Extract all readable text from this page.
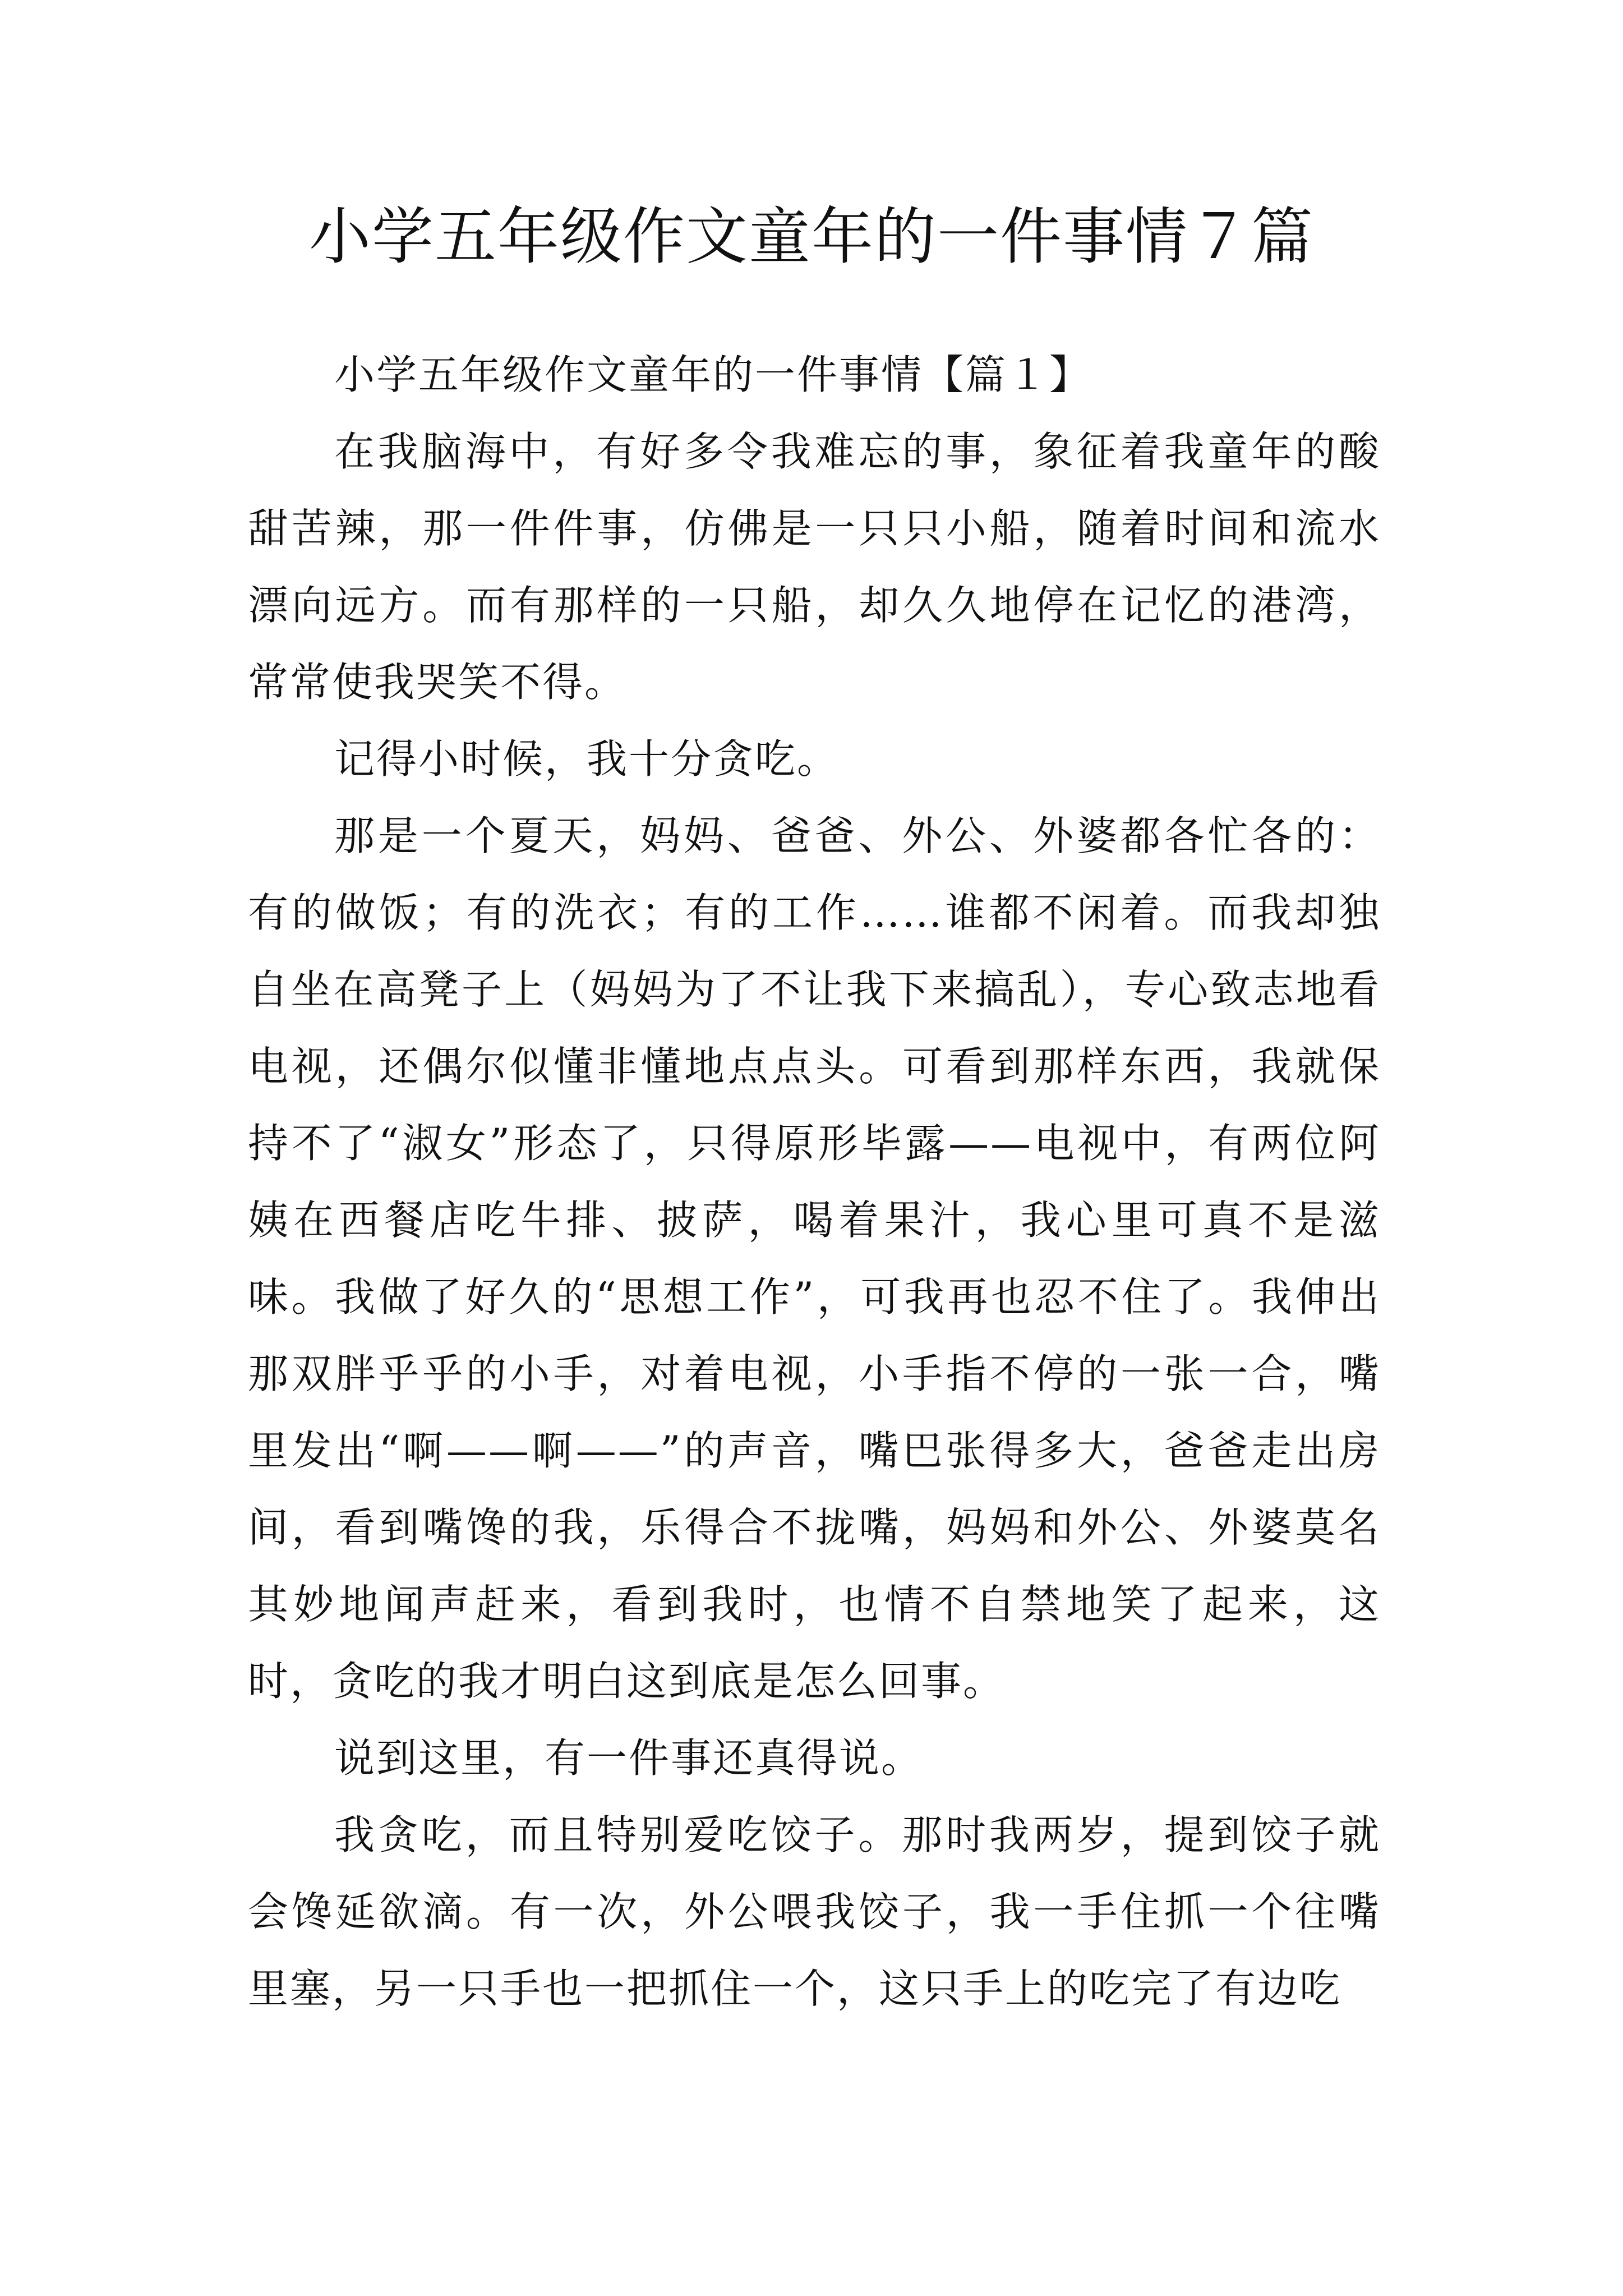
小学五年级作文童年的一件事情７篇

小学五年级作文童年的一件事情【篇１】

在我脑海中，有好多令我难忘的事，象征着我童年的酸甜苦辣，那一件件事，仿佛是一只只小船，随着时间和流水漂向远方。而有那样的一只船，却久久地停在记忆的港湾，常常使我哭笑不得。

记得小时候，我十分贪吃。

那是一个夏天，妈妈、爸爸、外公、外婆都各忙各的：有的做饭；有的洗衣；有的工作……谁都不闲着。而我却独自坐在高凳子上（妈妈为了不让我下来搞乱），专心致志地看电视，还偶尔似懂非懂地点点头。可看到那样东西，我就保持不了“淑女”形态了，只得原形毕露——电视中，有两位阿姨在西餐店吃牛排、披萨，喝着果汁，我心里可真不是滋味。我做了好久的“思想工作”，可我再也忍不住了。我伸出那双胖乎乎的小手，对着电视，小手指不停的一张一合，嘴里发出“啊——啊——”的声音，嘴巴张得多大，爸爸走出房间，看到嘴馋的我，乐得合不拢嘴，妈妈和外公、外婆莫名其妙地闻声赶来，看到我时，也情不自禁地笑了起来，这时，贪吃的我才明白这到底是怎么回事。

说到这里，有一件事还真得说。

我贪吃，而且特别爱吃饺子。那时我两岁，提到饺子就会馋延欲滴。有一次，外公喂我饺子，我一手住抓一个往嘴里塞，另一只手也一把抓住一个，这只手上的吃完了有边吃
